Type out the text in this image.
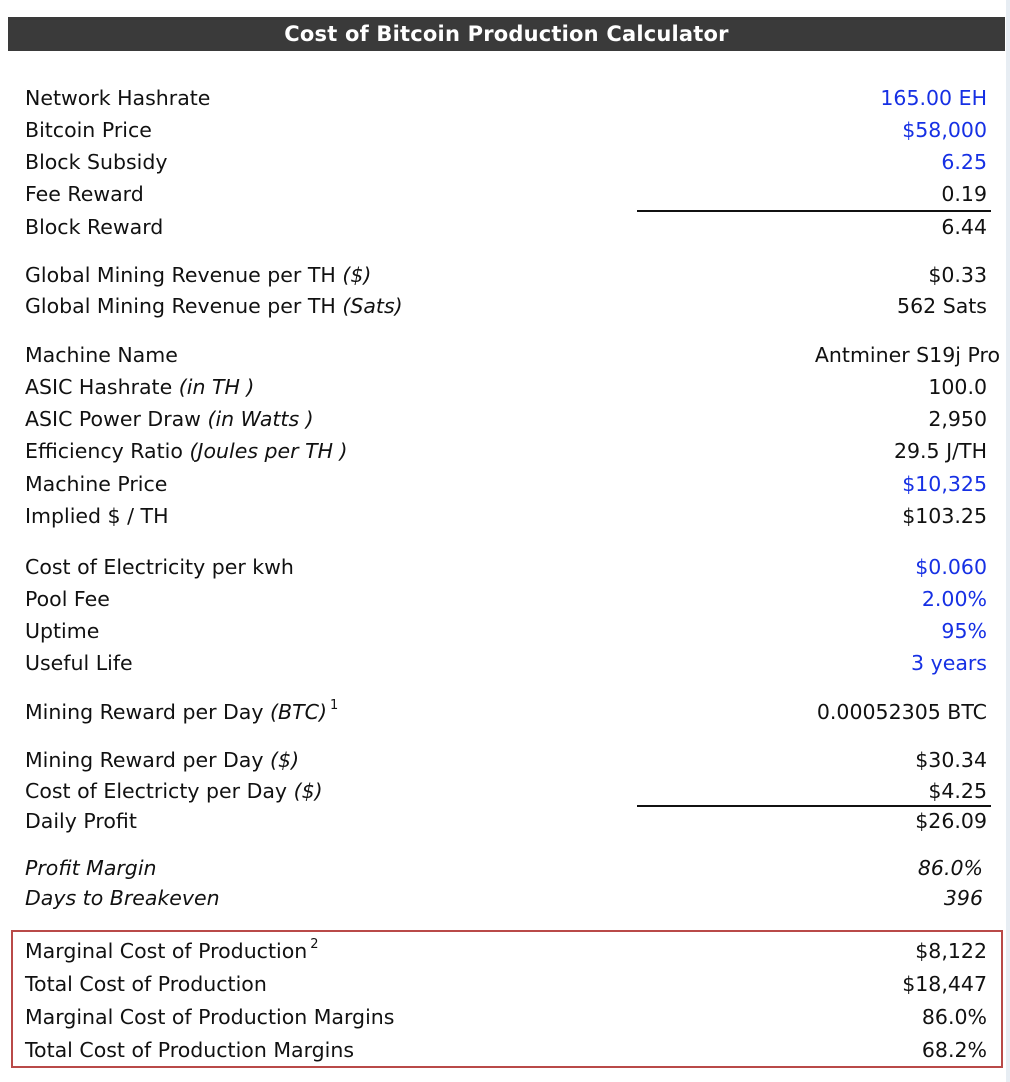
Cost of Bitcoin Production Calculator
Network Hashrate	165.00 EH
Bitcoin Price	$58,000
Block Subsidy	6.25
Fee Reward	0.19
Block Reward	6.44
Global Mining Revenue per TH ($)	$0.33
Global Mining Revenue per TH (Sats)	562 Sats
Machine Name	Antminer S19j Pro
ASIC Hashrate (in TH )	100.0
ASIC Power Draw (in Watts )	2,950
Efficiency Ratio (Joules per TH )	29.5 J/TH
Machine Price	$10,325
Implied $ / TH	$103.25
Cost of Electricity per kwh	$0.060
Pool Fee	2.00%
Uptime	95%
Useful Life	3 years
Mining Reward per Day (BTC) $^1$	0.00052305 BTC
Mining Reward per Day ($)	$30.34
Cost of Electricty per Day ($)	$4.25
Daily Profit	$26.09
Profit Margin	86.0%
Days to Breakeven	396
Marginal Cost of Production $^2$	$8,122
Total Cost of Production	$18,447
Marginal Cost of Production Margins	86.0%
Total Cost of Production Margins	68.2%
